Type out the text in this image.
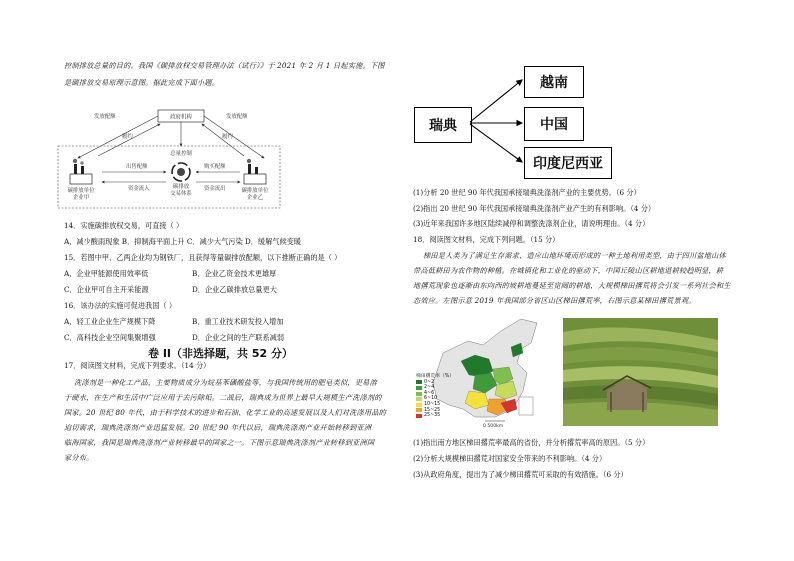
控制排放总量的目的。我国《碳排放权交易管理办法（试行）》于 2021 年 2 月 1 日起实施。下图
是碳排放交易原理示意图。据此完成下面小题。
政府机构
发放配额	发放配额
履约	履约
总量控制
碳排放单位
企业甲
碳排放单位
企业乙
碳排放
交易体系
出售配额
资金流入
购买配额
资金流出
14．实施碳排放权交易，可直接（ ）
A．减少酸雨现象 B．抑制海平面上升 C．减少大气污染 D．缓解气候变暖
15．若图中甲、乙两企业均为钢铁厂，且获得等量碳排放配额，以下推断正确的是（ ）
A．企业甲能源使用效率低	B．企业乙资金技术更雄厚
C．企业甲可自主开采能源	D．企业乙碳排放总量更大
16．该办法的实施可促进我国（ ）
A．轻工业企业生产规模下降	B．重工业技术研发投入增加
C．高科技企业空间集聚增强	D．企业之间的生产联系减弱
卷 II（非选择题，共 52 分）
17．阅读图文材料，完成下列要求。（14 分）
洗涤剂是一种化工产品，主要物质成分为烷基苯磺酸盐等，与我国传统用的肥皂类似，更易溶
于硬水，在生产和生活中广泛应用于去污除垢。二战后，瑞典成为世界上最早大规模生产洗涤剂的
国家。20 世纪 80 年代，由于科学技术的进步和石油、化学工业的高速发展以及人们对洗涤用品的
迫切需求，瑞典洗涤剂产业迅猛发展。20 世纪 90 年代以后，瑞典洗涤剂产业开始转移到亚洲
临海国家，我国是瑞典洗涤剂产业转移最早的国家之一。下图示意瑞典洗涤剂产业转移到亚洲国
家分布。
瑞典
越南
中国
印度尼西亚
(1)分析 20 世纪 90 年代我国承接瑞典洗涤剂产业的主要优势。（6 分）
(2)指出 20 世纪 90 年代我国承接瑞典洗涤剂产业产生的有利影响。（4 分）
(3)近年来我国许多地区陆续减停和调整洗涤剂企业，请说明理由。（4 分）
18．阅读图文材料，完成下列问题。（15 分）
梯田是人类为了满足生存需求、造应山地环境而形成的一种土地利用类型，由于四川盆地山体
带高低耕田为农作物的种植。在城镇化和工业化的驱动下，中国丘陵山区耕地退耕较趋明显，耕
地撂荒现象也逐渐由东向西的坡耕地蔓延至宽阔的耕地，大规模梯田撂荒将会引发一系列社会和生
态效应。左图示意 2019 年我国部分省区山区梯田撂荒率，右图示意某梯田撂荒景观。
0 500km
梯田撂荒率（%）
0~2
2~4
4~6
6~10
10~15
15~25
25~35
(1)指出南方地区梯田撂荒率最高的省份，并分析撂荒率高的原因。（5 分）
(2)分析大规模梯田撂荒对国家安全带来的不利影响。（4 分）
(3)从政府角度，提出为了减少梯田撂荒可采取的有效措施。（6 分）
